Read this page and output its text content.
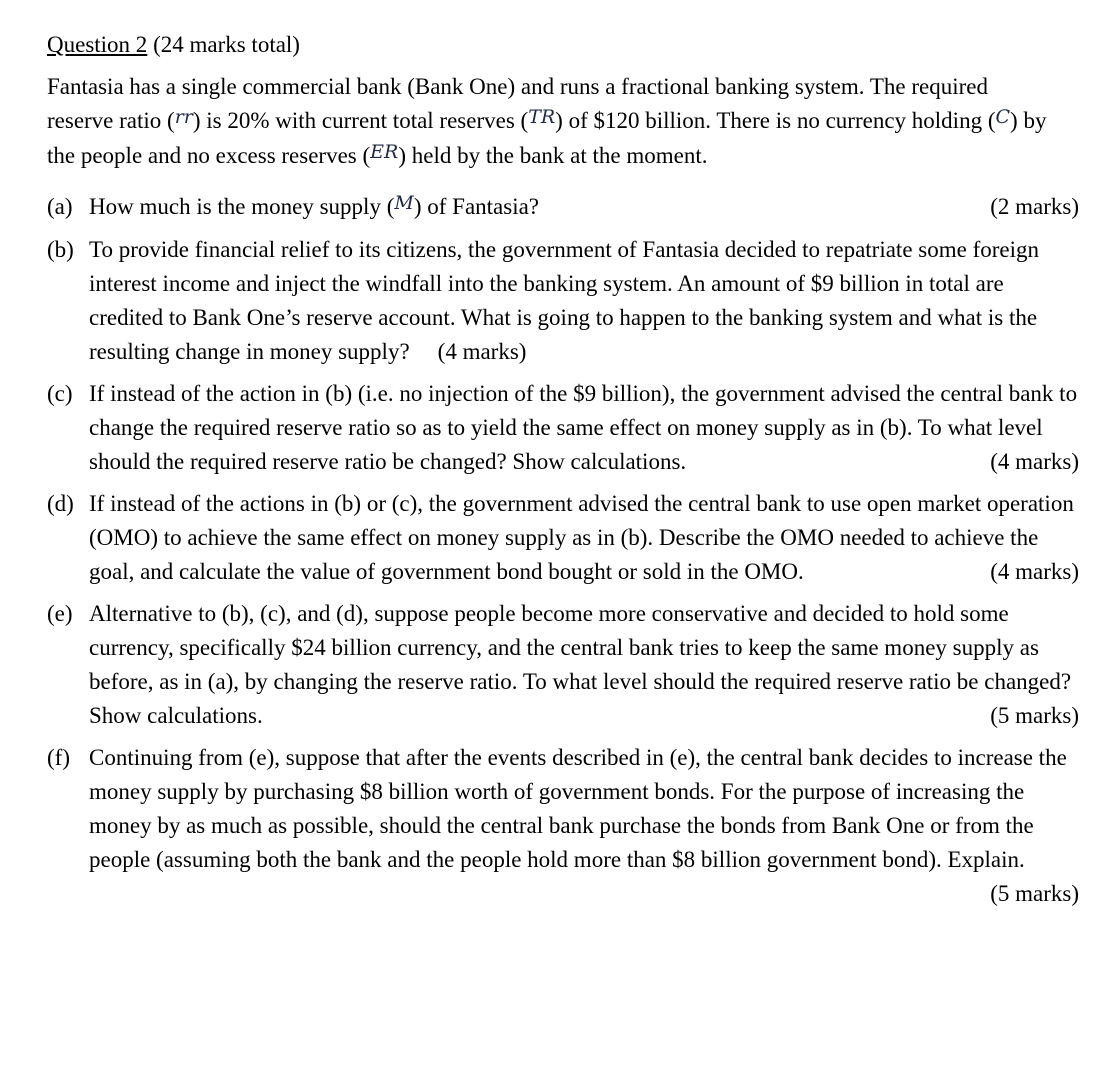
Question 2 (24 marks total)

Fantasia has a single commercial bank (Bank One) and runs a fractional banking system. The required reserve ratio ($^{rr}$) is 20% with current total reserves ($^{TR}$) of $120 billion. There is no currency holding ($^C$) by the people and no excess reserves ($^{ER}$) held by the bank at the moment.

(a) How much is the money supply ($^M$) of Fantasia?	(2 marks)
(b) To provide financial relief to its citizens, the government of Fantasia decided to repatriate some foreign interest income and inject the windfall into the banking system. An amount of $9 billion in total are credited to Bank One’s reserve account. What is going to happen to the banking system and what is the resulting change in money supply? (4 marks)
(c) If instead of the action in (b) (i.e. no injection of the $9 billion), the government advised the central bank to change the required reserve ratio so as to yield the same effect on money supply as in (b). To what level should the required reserve ratio be changed? Show calculations.	(4 marks)
(d) If instead of the actions in (b) or (c), the government advised the central bank to use open market operation (OMO) to achieve the same effect on money supply as in (b). Describe the OMO needed to achieve the goal, and calculate the value of government bond bought or sold in the OMO.	(4 marks)
(e) Alternative to (b), (c), and (d), suppose people become more conservative and decided to hold some currency, specifically $24 billion currency, and the central bank tries to keep the same money supply as before, as in (a), by changing the reserve ratio. To what level should the required reserve ratio be changed? Show calculations.	(5 marks)
(f) Continuing from (e), suppose that after the events described in (e), the central bank decides to increase the money supply by purchasing $8 billion worth of government bonds. For the purpose of increasing the money by as much as possible, should the central bank purchase the bonds from Bank One or from the people (assuming both the bank and the people hold more than $8 billion government bond). Explain.
(5 marks)
